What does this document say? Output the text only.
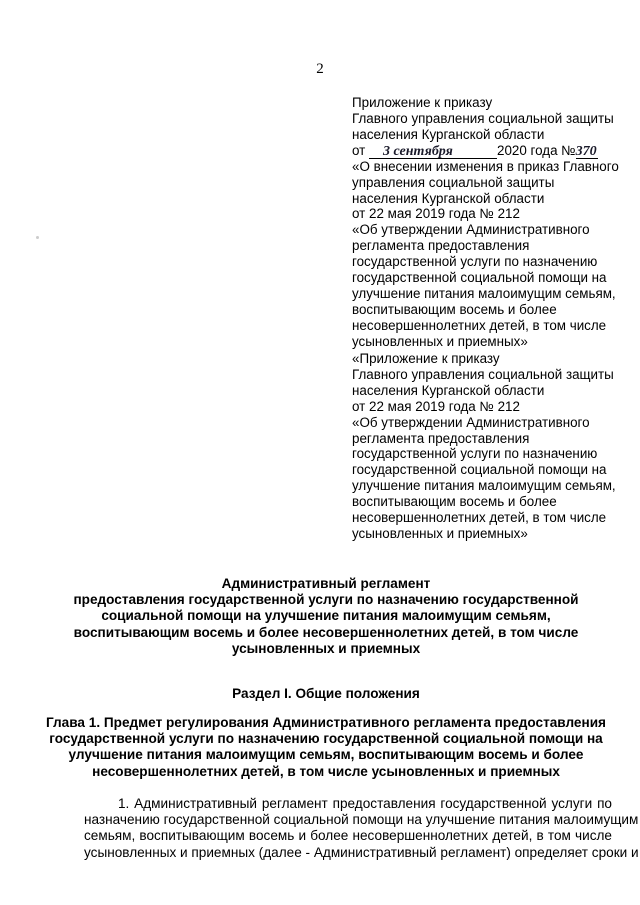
2
Приложение к приказу
Главного управления социальной защиты
населения Курганской области
от 3 сентября	2020 года №370
«О внесении изменения в приказ Главного
управления социальной защиты
населения Курганской области
от 22 мая 2019 года № 212
«Об утверждении Административного
регламента предоставления
государственной услуги по назначению
государственной социальной помощи на
улучшение питания малоимущим семьям,
воспитывающим восемь и более
несовершеннолетних детей, в том числе
усыновленных и приемных»
«Приложение к приказу
Главного управления социальной защиты
населения Курганской области
от 22 мая 2019 года № 212
«Об утверждении Административного
регламента предоставления
государственной услуги по назначению
государственной социальной помощи на
улучшение питания малоимущим семьям,
воспитывающим восемь и более
несовершеннолетних детей, в том числе
усыновленных и приемных»
Административный регламент
предоставления государственной услуги по назначению государственной
социальной помощи на улучшение питания малоимущим семьям,
воспитывающим восемь и более несовершеннолетних детей, в том числе
усыновленных и приемных
Раздел I. Общие положения
Глава 1. Предмет регулирования Административного регламента предоставления
государственной услуги по назначению государственной социальной помощи на
улучшение питания малоимущим семьям, воспитывающим восемь и более
несовершеннолетних детей, в том числе усыновленных и приемных
1. Административный регламент предоставления государственной услуги по
назначению государственной социальной помощи на улучшение питания малоимущим
семьям, воспитывающим восемь и более несовершеннолетних детей, в том числе
усыновленных и приемных (далее - Административный регламент) определяет сроки и
